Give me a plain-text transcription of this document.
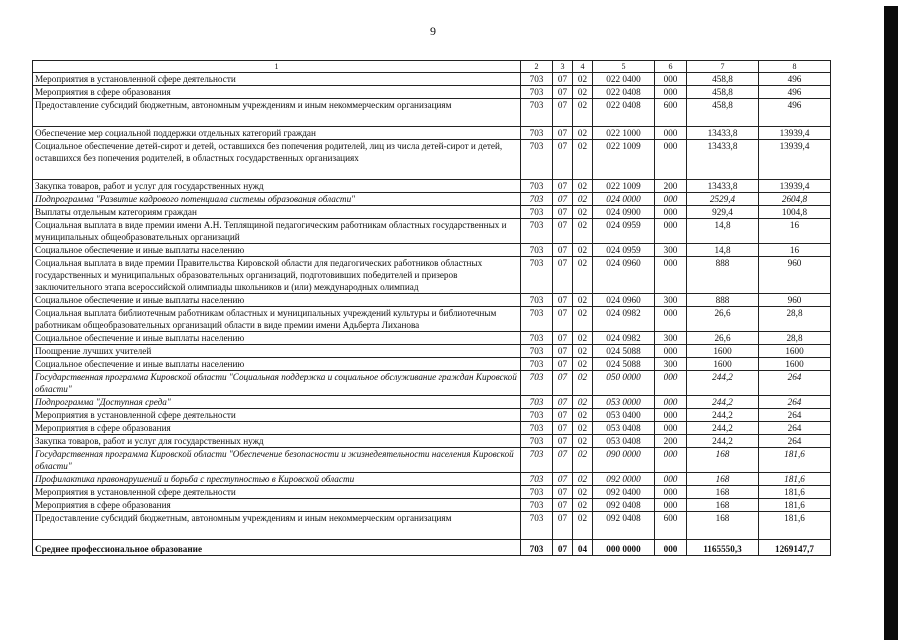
9
1	2	3	4	5	6	7	8
Мероприятия в установленной сфере деятельности	703	07	02	022 0400	000	458,8	496
Мероприятия в сфере образования	703	07	02	022 0408	000	458,8	496
Предоставление субсидий бюджетным, автономным учреждениям и иным некоммерческим организациям	703	07	02	022 0408	600	458,8	496
Обеспечение мер социальной поддержки отдельных категорий граждан	703	07	02	022 1000	000	13433,8	13939,4
Социальное обеспечение детей-сирот и детей, оставшихся без попечения родителей, лиц из числа детей-сирот и детей, оставшихся без попечения родителей, в областных государственных организациях	703	07	02	022 1009	000	13433,8	13939,4
Закупка товаров, работ и услуг для государственных нужд	703	07	02	022 1009	200	13433,8	13939,4
Подпрограмма "Развитие кадрового потенциала системы образования области"	703	07	02	024 0000	000	2529,4	2604,8
Выплаты отдельным категориям граждан	703	07	02	024 0900	000	929,4	1004,8
Социальная выплата в виде премии имени А.Н. Теплящиной педагогическим работникам областных государственных и муниципальных общеобразовательных организаций	703	07	02	024 0959	000	14,8	16
Социальное обеспечение и иные выплаты населению	703	07	02	024 0959	300	14,8	16
Социальная выплата в виде премии Правительства Кировской области для педагогических работников областных государственных и муниципальных образовательных организаций, подготовивших победителей и призеров заключительного этапа всероссийской олимпиады школьников и (или) международных олимпиад	703	07	02	024 0960	000	888	960
Социальное обеспечение и иные выплаты населению	703	07	02	024 0960	300	888	960
Социальная выплата библиотечным работникам областных и муниципальных учреждений культуры и библиотечным работникам общеобразовательных организаций области в виде премии имени Адьберта Лиханова	703	07	02	024 0982	000	26,6	28,8
Социальное обеспечение и иные выплаты населению	703	07	02	024 0982	300	26,6	28,8
Поощрение лучших учителей	703	07	02	024 5088	000	1600	1600
Социальное обеспечение и иные выплаты населению	703	07	02	024 5088	300	1600	1600
Государственная программа Кировской области "Социальная поддержка и социальное обслуживание граждан Кировской области"	703	07	02	050 0000	000	244,2	264
Подпрограмма "Доступная среда"	703	07	02	053 0000	000	244,2	264
Мероприятия в установленной сфере деятельности	703	07	02	053 0400	000	244,2	264
Мероприятия в сфере образования	703	07	02	053 0408	000	244,2	264
Закупка товаров, работ и услуг для государственных нужд	703	07	02	053 0408	200	244,2	264
Государственная программа Кировской области "Обеспечение безопасности и жизнедеятельности населения Кировской области"	703	07	02	090 0000	000	168	181,6
Профилактика правонарушений и борьба с преступностью в Кировской области	703	07	02	092 0000	000	168	181,6
Мероприятия в установленной сфере деятельности	703	07	02	092 0400	000	168	181,6
Мероприятия в сфере образования	703	07	02	092 0408	000	168	181,6
Предоставление субсидий бюджетным, автономным учреждениям и иным некоммерческим организациям	703	07	02	092 0408	600	168	181,6
Среднее профессиональное образование	703	07	04	000 0000	000	1165550,3	1269147,7
